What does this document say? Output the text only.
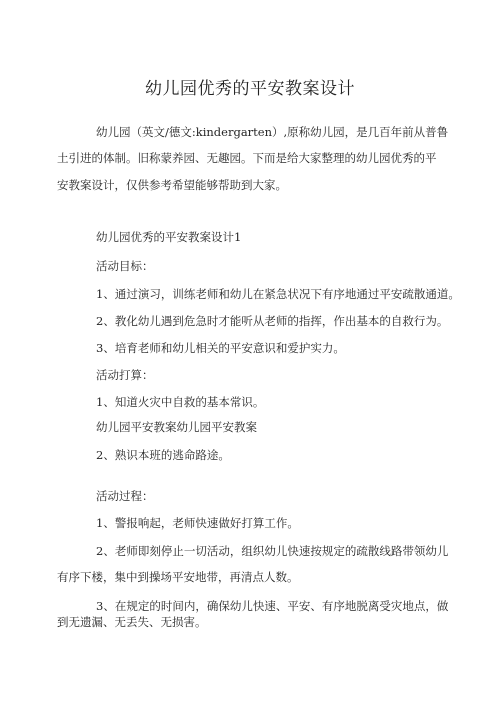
幼儿园优秀的平安教案设计
幼儿园（英文/德文:kindergarten）,原称幼儿园，是几百年前从普鲁
土引进的体制。旧称蒙养园、无趣园。下而是给大家整理的幼儿园优秀的平
安教案设计，仅供参考希望能够帮助到大家。
幼儿园优秀的平安教案设计1
活动目标：
1、通过演习，训练老师和幼儿在紧急状况下有序地通过平安疏散通道。
2、教化幼儿遇到危急时才能听从老师的指挥，作出基本的自救行为。
3、培育老师和幼儿相关的平安意识和爱护实力。
活动打算：
1、知道火灾中自救的基本常识。
幼儿园平安教案幼儿园平安教案
2、熟识本班的逃命路途。
活动过程：
1、警报响起，老师快速做好打算工作。
2、老师即刻停止一切活动，组织幼儿快速按规定的疏散线路带领幼儿
有序下楼，集中到操场平安地带，再清点人数。
3、在规定的时间内，确保幼儿快速、平安、有序地脱离受灾地点，做
到无遗漏、无丢失、无损害。
